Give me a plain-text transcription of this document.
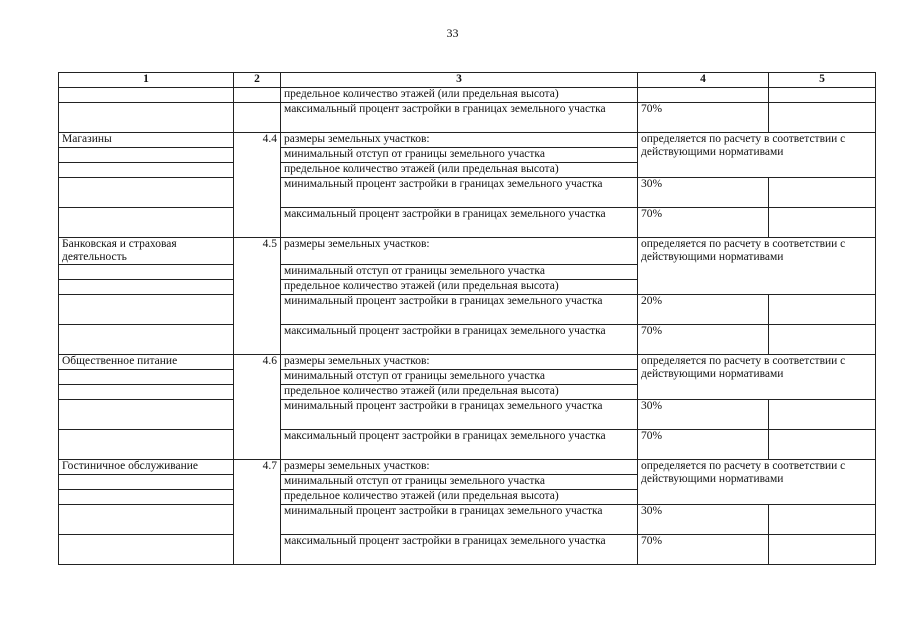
33
1	2	3	4	5
		предельное количество этажей (или предельная высота)		
		максимальный процент застройки в границах земельного участка	70%	
Магазины	4.4	размеры земельных участков:	определяется по расчету в соответствии с действующими нормативами	
		минимальный отступ от границы земельного участка		
		предельное количество этажей (или предельная высота)		
		минимальный процент застройки в границах земельного участка	30%	
		максимальный процент застройки в границах земельного участка	70%	
Банковская и страховая деятельность	4.5	размеры земельных участков:	определяется по расчету в соответствии с действующими нормативами	
		минимальный отступ от границы земельного участка		
		предельное количество этажей (или предельная высота)		
		минимальный процент застройки в границах земельного участка	20%	
		максимальный процент застройки в границах земельного участка	70%	
Общественное питание	4.6	размеры земельных участков:	определяется по расчету в соответствии с действующими нормативами	
		минимальный отступ от границы земельного участка		
		предельное количество этажей (или предельная высота)		
		минимальный процент застройки в границах земельного участка	30%	
		максимальный процент застройки в границах земельного участка	70%	
Гостиничное обслуживание	4.7	размеры земельных участков:	определяется по расчету в соответствии с действующими нормативами	
		минимальный отступ от границы земельного участка		
		предельное количество этажей (или предельная высота)		
		минимальный процент застройки в границах земельного участка	30%	
		максимальный процент застройки в границах земельного участка	70%	
